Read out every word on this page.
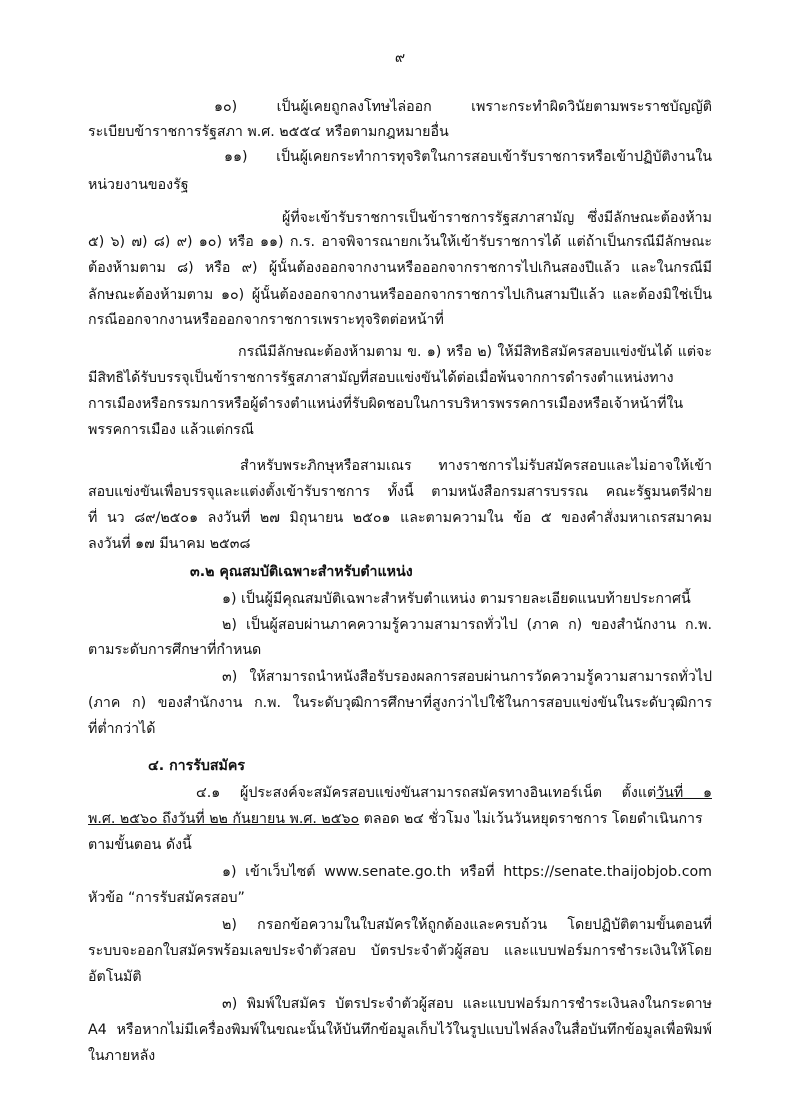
๙
๑๐) เป็นผู้เคยถูกลงโทษไล่ออก เพราะกระทำผิดวินัยตามพระราชบัญญัติ
ระเบียบข้าราชการรัฐสภา พ.ศ. ๒๕๕๔ หรือตามกฎหมายอื่น
๑๑) เป็นผู้เคยกระทำการทุจริตในการสอบเข้ารับราชการหรือเข้าปฏิบัติงานใน
หน่วยงานของรัฐ
ผู้ที่จะเข้ารับราชการเป็นข้าราชการรัฐสภาสามัญ ซึ่งมีลักษณะต้องห้าม
๕) ๖) ๗) ๘) ๙) ๑๐) หรือ ๑๑) ก.ร. อาจพิจารณายกเว้นให้เข้ารับราชการได้ แต่ถ้าเป็นกรณีมีลักษณะ
ต้องห้ามตาม ๘) หรือ ๙) ผู้นั้นต้องออกจากงานหรือออกจากราชการไปเกินสองปีแล้ว และในกรณีมี
ลักษณะต้องห้ามตาม ๑๐) ผู้นั้นต้องออกจากงานหรือออกจากราชการไปเกินสามปีแล้ว และต้องมิใช่เป็น
กรณีออกจากงานหรือออกจากราชการเพราะทุจริตต่อหน้าที่
กรณีมีลักษณะต้องห้ามตาม ข. ๑) หรือ ๒) ให้มีสิทธิสมัครสอบแข่งขันได้ แต่จะ
มีสิทธิได้รับบรรจุเป็นข้าราชการรัฐสภาสามัญที่สอบแข่งขันได้ต่อเมื่อพ้นจากการดำรงตำแหน่งทาง
การเมืองหรือกรรมการหรือผู้ดำรงตำแหน่งที่รับผิดชอบในการบริหารพรรคการเมืองหรือเจ้าหน้าที่ใน
พรรคการเมือง แล้วแต่กรณี
สำหรับพระภิกษุหรือสามเณร ทางราชการไม่รับสมัครสอบและไม่อาจให้เข้า
สอบแข่งขันเพื่อบรรจุและแต่งตั้งเข้ารับราชการ ทั้งนี้ ตามหนังสือกรมสารบรรณ คณะรัฐมนตรีฝ่าย
ที่ นว ๘๙/๒๕๐๑ ลงวันที่ ๒๗ มิถุนายน ๒๕๐๑ และตามความใน ข้อ ๕ ของคำสั่งมหาเถรสมาคม
ลงวันที่ ๑๗ มีนาคม ๒๕๓๘
๓.๒ คุณสมบัติเฉพาะสำหรับตำแหน่ง
๑) เป็นผู้มีคุณสมบัติเฉพาะสำหรับตำแหน่ง ตามรายละเอียดแนบท้ายประกาศนี้
๒) เป็นผู้สอบผ่านภาคความรู้ความสามารถทั่วไป (ภาค ก) ของสำนักงาน ก.พ.
ตามระดับการศึกษาที่กำหนด
๓) ให้สามารถนำหนังสือรับรองผลการสอบผ่านการวัดความรู้ความสามารถทั่วไป
(ภาค ก) ของสำนักงาน ก.พ. ในระดับวุฒิการศึกษาที่สูงกว่าไปใช้ในการสอบแข่งขันในระดับวุฒิการ
ที่ต่ำกว่าได้
๔. การรับสมัคร
๔.๑ ผู้ประสงค์จะสมัครสอบแข่งขันสามารถสมัครทางอินเทอร์เน็ต ตั้งแต่วันที่ ๑
พ.ศ. ๒๕๖๐ ถึงวันที่ ๒๒ กันยายน พ.ศ. ๒๕๖๐ ตลอด ๒๔ ชั่วโมง ไม่เว้นวันหยุดราชการ โดยดำเนินการ
ตามขั้นตอน ดังนี้
๑) เข้าเว็บไซต์ www.senate.go.th หรือที่ https://senate.thaijobjob.com
หัวข้อ “การรับสมัครสอบ”
๒) กรอกข้อความในใบสมัครให้ถูกต้องและครบถ้วน โดยปฏิบัติตามขั้นตอนที่
ระบบจะออกใบสมัครพร้อมเลขประจำตัวสอบ บัตรประจำตัวผู้สอบ และแบบฟอร์มการชำระเงินให้โดย
อัตโนมัติ
๓) พิมพ์ใบสมัคร บัตรประจำตัวผู้สอบ และแบบฟอร์มการชำระเงินลงในกระดาษ
A4 หรือหากไม่มีเครื่องพิมพ์ในขณะนั้นให้บันทึกข้อมูลเก็บไว้ในรูปแบบไฟล์ลงในสื่อบันทึกข้อมูลเพื่อพิมพ์
ในภายหลัง
